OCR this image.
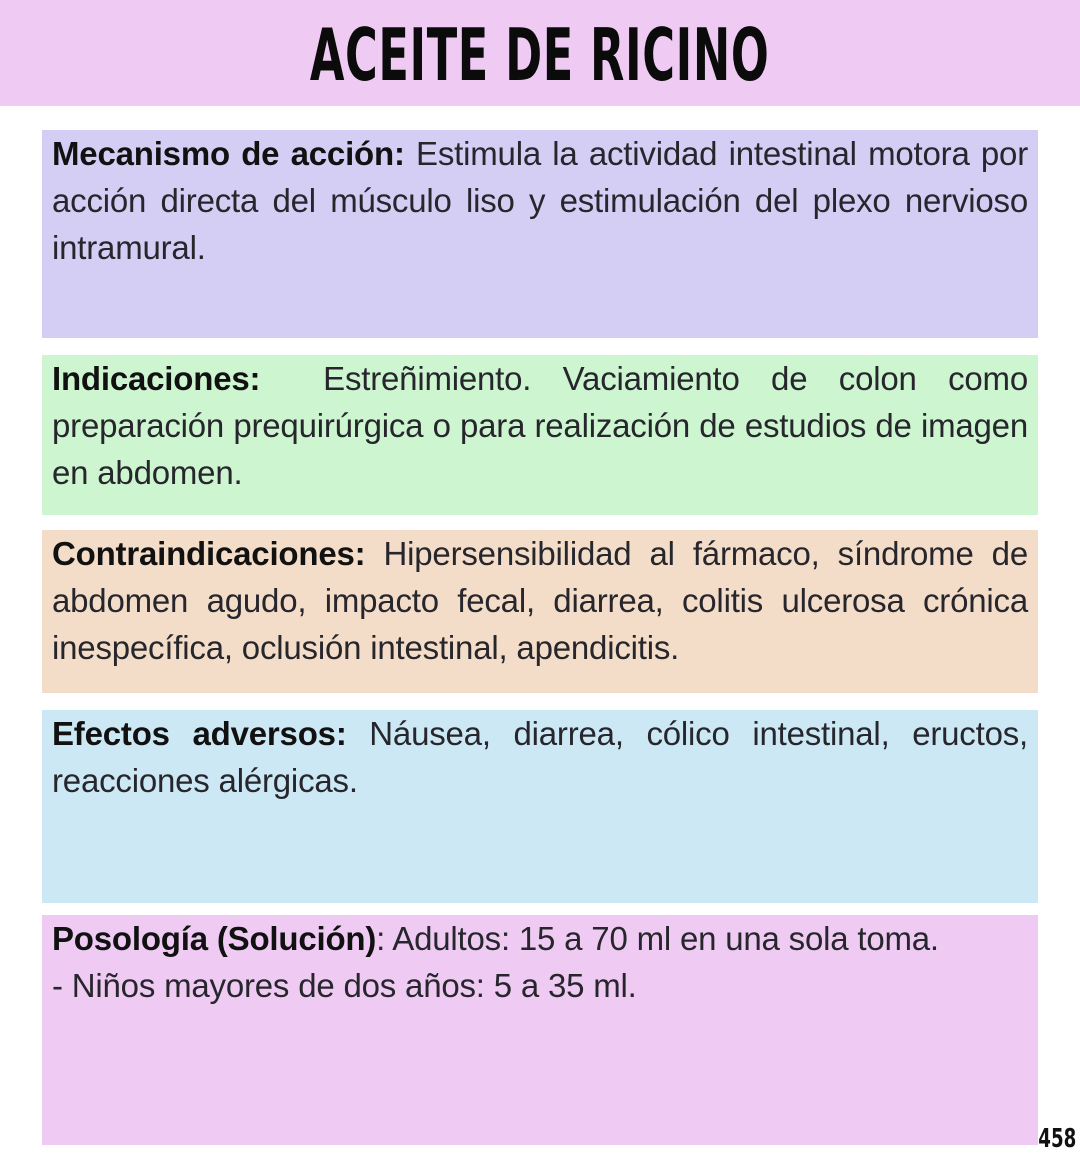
ACEITE DE RICINO

Mecanismo de acción: Estimula la actividad intestinal motora por acción directa del músculo liso y estimulación del plexo nervioso intramural.

Indicaciones:  Estreñimiento. Vaciamiento de colon como preparación prequirúrgica o para realización de estudios de imagen en abdomen.

Contraindicaciones: Hipersensibilidad al fármaco, síndrome de abdomen agudo, impacto fecal, diarrea, colitis ulcerosa crónica inespecífica, oclusión intestinal, apendicitis.

Efectos adversos: Náusea, diarrea, cólico intestinal, eructos, reacciones alérgicas.

Posología (Solución): Adultos: 15 a 70 ml en una sola toma.
- Niños mayores de dos años: 5 a 35 ml.

458
